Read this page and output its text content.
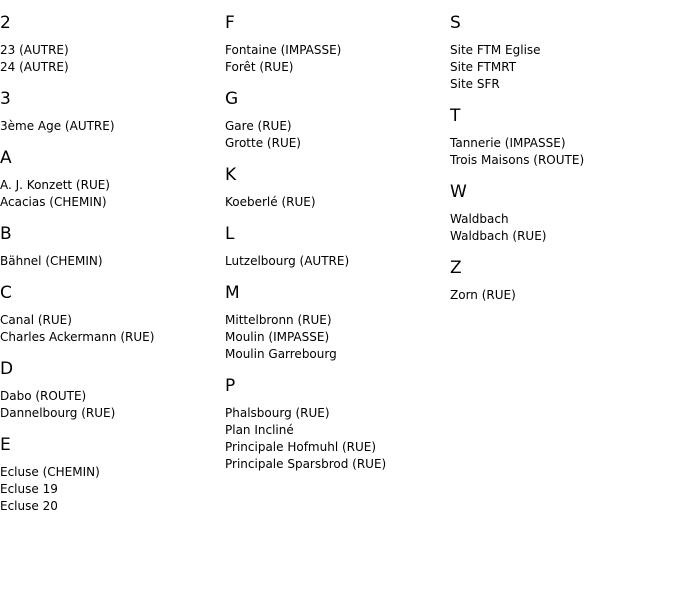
2
23 (AUTRE)
24 (AUTRE)
3
3ème Age (AUTRE)
A
A. J. Konzett (RUE)
Acacias (CHEMIN)
B
Bähnel (CHEMIN)
C
Canal (RUE)
Charles Ackermann (RUE)
D
Dabo (ROUTE)
Dannelbourg (RUE)
E
Ecluse (CHEMIN)
Ecluse 19
Ecluse 20
F
Fontaine (IMPASSE)
Forêt (RUE)
G
Gare (RUE)
Grotte (RUE)
K
Koeberlé (RUE)
L
Lutzelbourg (AUTRE)
M
Mittelbronn (RUE)
Moulin (IMPASSE)
Moulin Garrebourg
P
Phalsbourg (RUE)
Plan Incliné
Principale Hofmuhl (RUE)
Principale Sparsbrod (RUE)
S
Site FTM Eglise
Site FTMRT
Site SFR
T
Tannerie (IMPASSE)
Trois Maisons (ROUTE)
W
Waldbach
Waldbach (RUE)
Z
Zorn (RUE)
